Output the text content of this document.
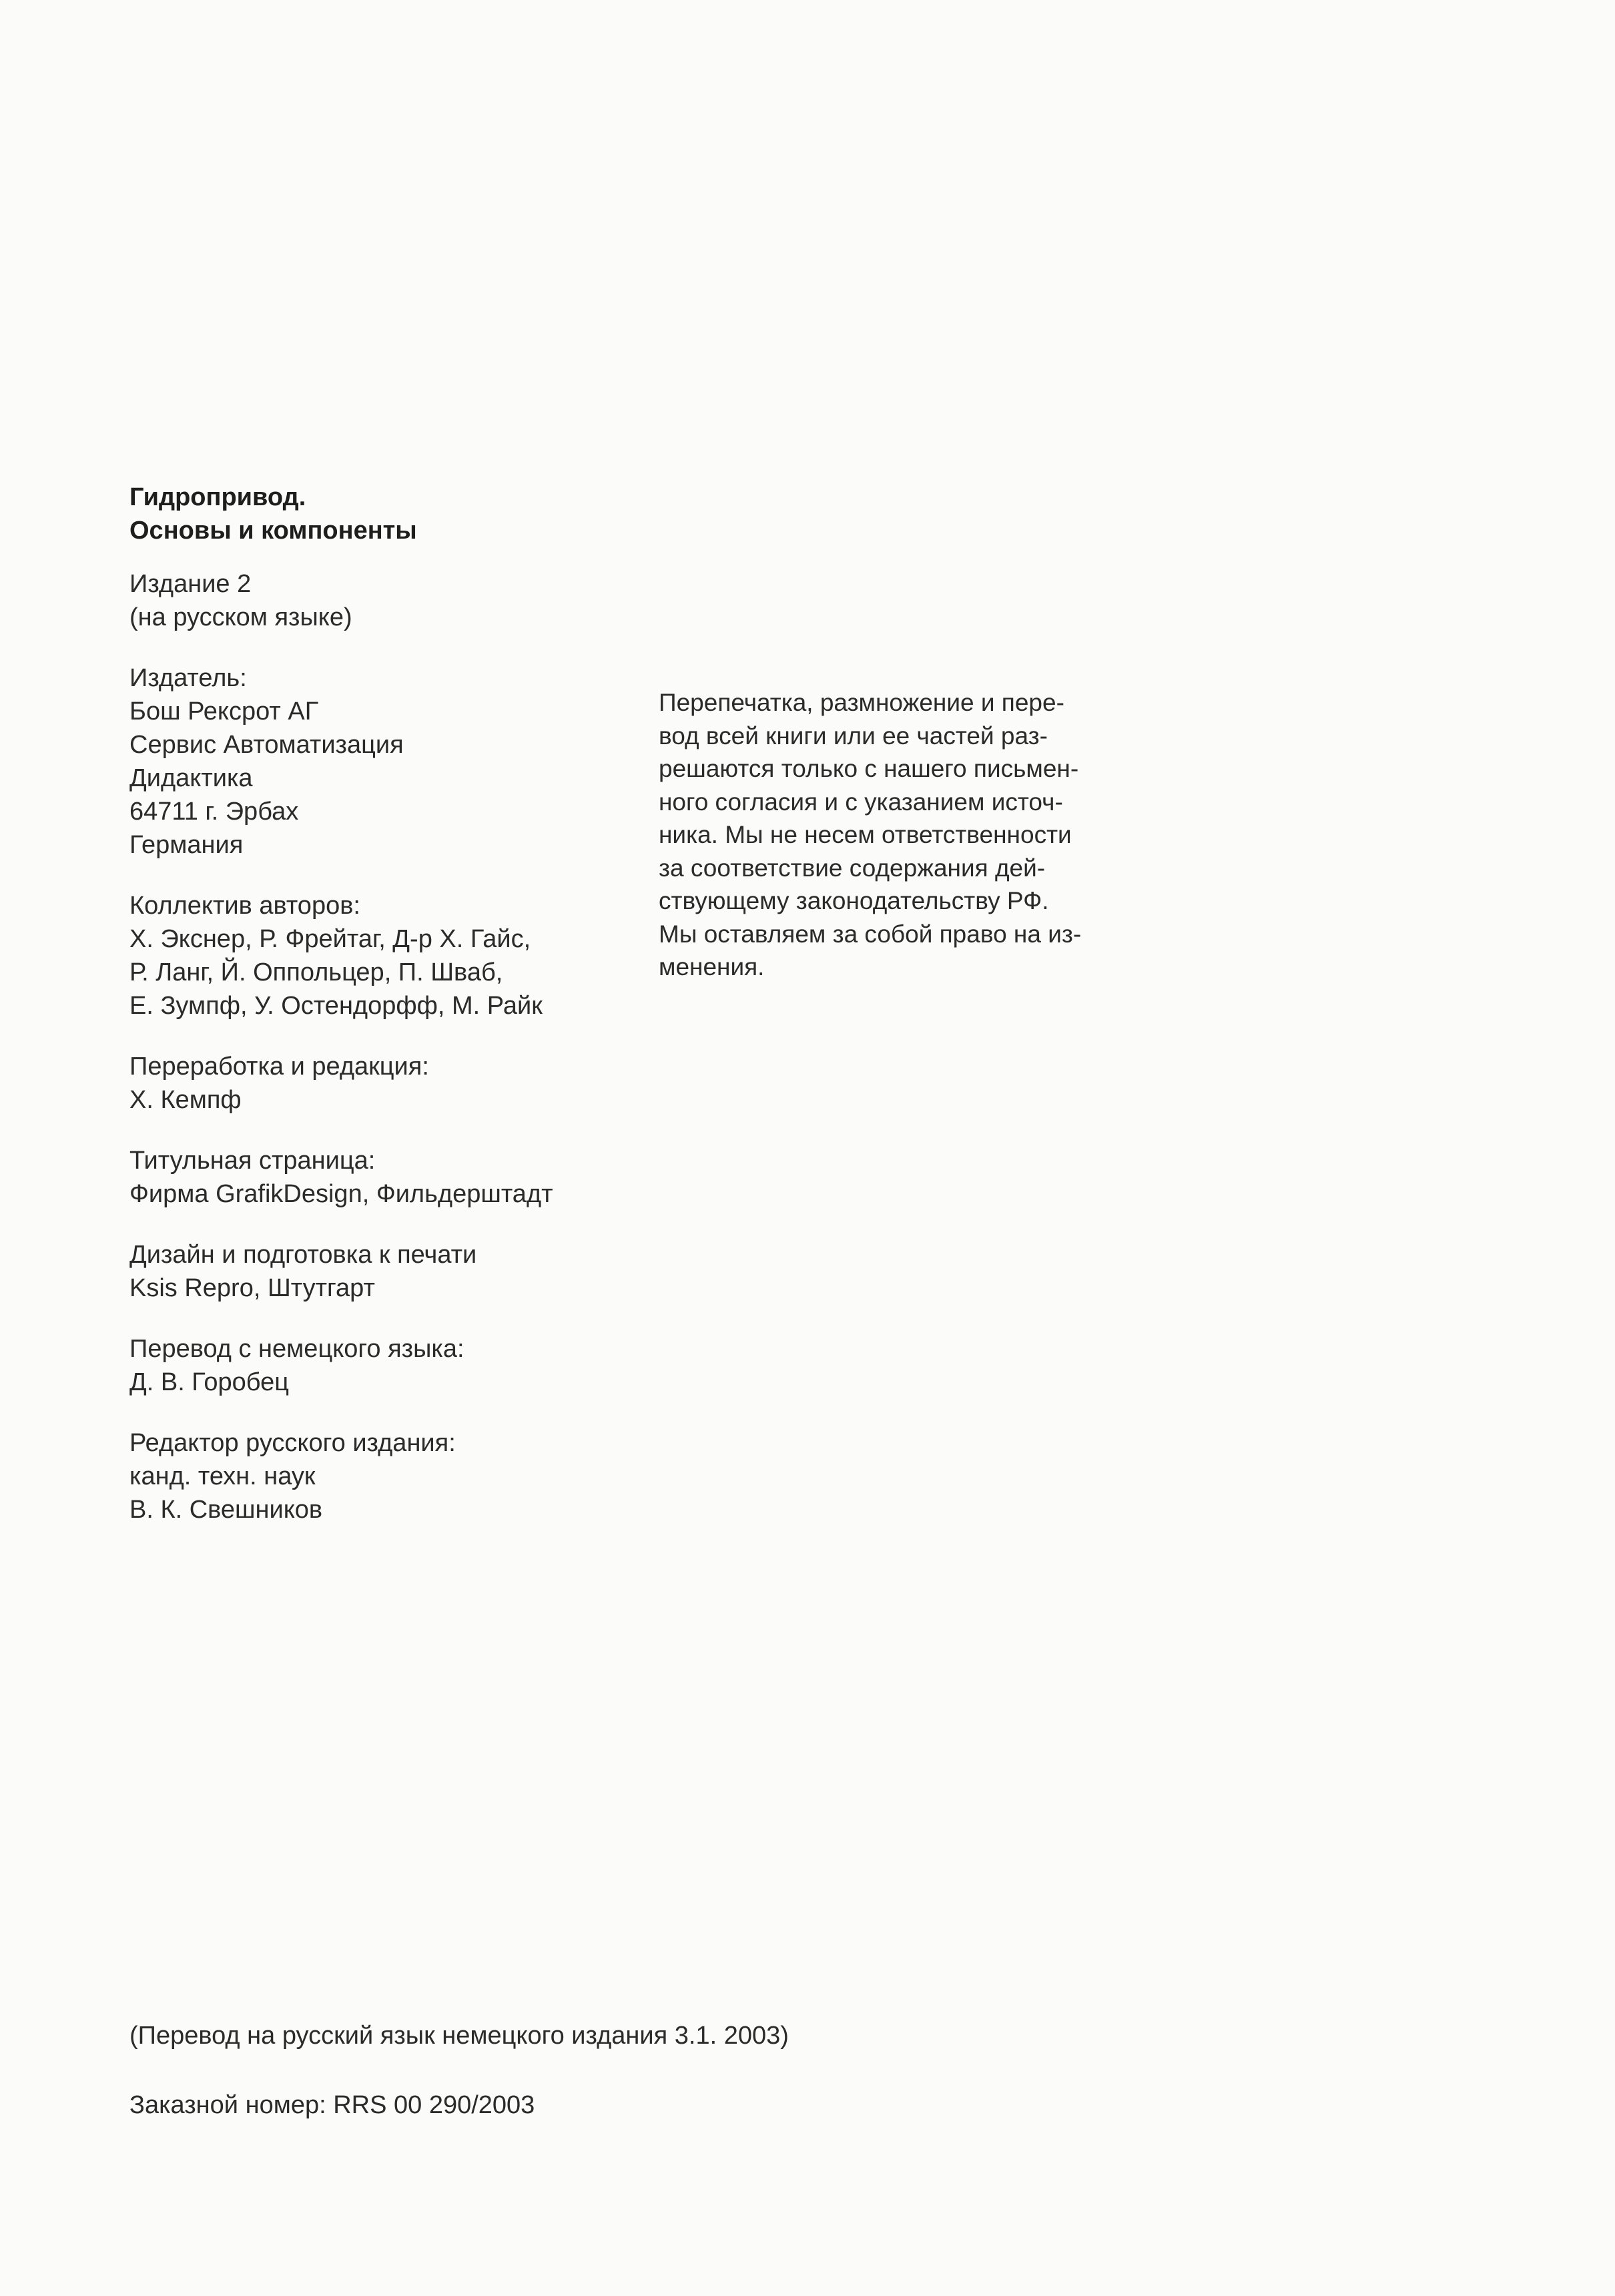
Гидропривод.
Основы и компоненты
Издание 2
(на русском языке)
Издатель:
Бош Рексрот АГ
Сервис Автоматизация
Дидактика
64711 г. Эрбах
Германия
Коллектив авторов:
Х. Экснер, Р. Фрейтаг, Д-р Х. Гайс,
Р. Ланг, Й. Оппольцер, П. Шваб,
Е. Зумпф, У. Остендорфф, М. Райк
Переработка и редакция:
Х. Кемпф
Титульная страница:
Фирма GrafikDesign, Фильдерштадт
Дизайн и подготовка к печати
Ksis Repro, Штутгарт
Перевод с немецкого языка:
Д. В. Горобец
Редактор русского издания:
канд. техн. наук
В. К. Свешников
Перепечатка, размножение и пере-
вод всей книги или ее частей раз-
решаются только с нашего письмен-
ного согласия и с указанием источ-
ника. Мы не несем ответственности
за соответствие содержания дей-
ствующему законодательству РФ.
Мы оставляем за собой право на из-
менения.
(Перевод на русский язык немецкого издания 3.1. 2003)
Заказной номер: RRS 00 290/2003
